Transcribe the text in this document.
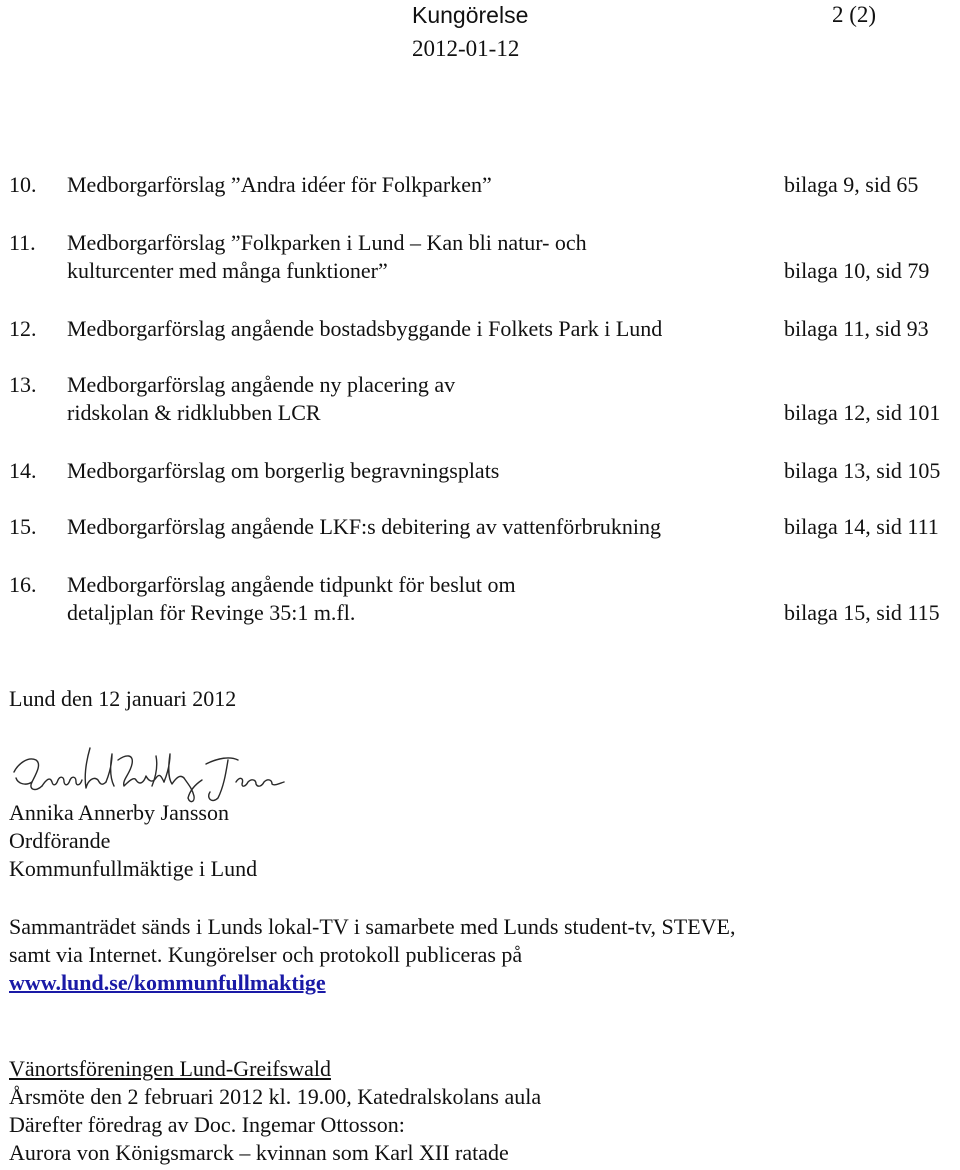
Kungörelse	2 (2)
2012-01-12
10. Medborgarförslag ”Andra idéer för Folkparken”	bilaga 9, sid 65
11. Medborgarförslag ”Folkparken i Lund – Kan bli natur- och
kulturcenter med många funktioner”	bilaga 10, sid 79
12. Medborgarförslag angående bostadsbyggande i Folkets Park i Lund	bilaga 11, sid 93
13. Medborgarförslag angående ny placering av
ridskolan & ridklubben LCR	bilaga 12, sid 101
14. Medborgarförslag om borgerlig begravningsplats	bilaga 13, sid 105
15. Medborgarförslag angående LKF:s debitering av vattenförbrukning	bilaga 14, sid 111
16. Medborgarförslag angående tidpunkt för beslut om
detaljplan för Revinge 35:1 m.fl.	bilaga 15, sid 115
Lund den 12 januari 2012
Annika Annerby Jansson
Ordförande
Kommunfullmäktige i Lund
Sammanträdet sänds i Lunds lokal-TV i samarbete med Lunds student-tv, STEVE,
samt via Internet. Kungörelser och protokoll publiceras på
www.lund.se/kommunfullmaktige
Vänortsföreningen Lund-Greifswald
Årsmöte den 2 februari 2012 kl. 19.00, Katedralskolans aula
Därefter föredrag av Doc. Ingemar Ottosson:
Aurora von Königsmarck – kvinnan som Karl XII ratade
